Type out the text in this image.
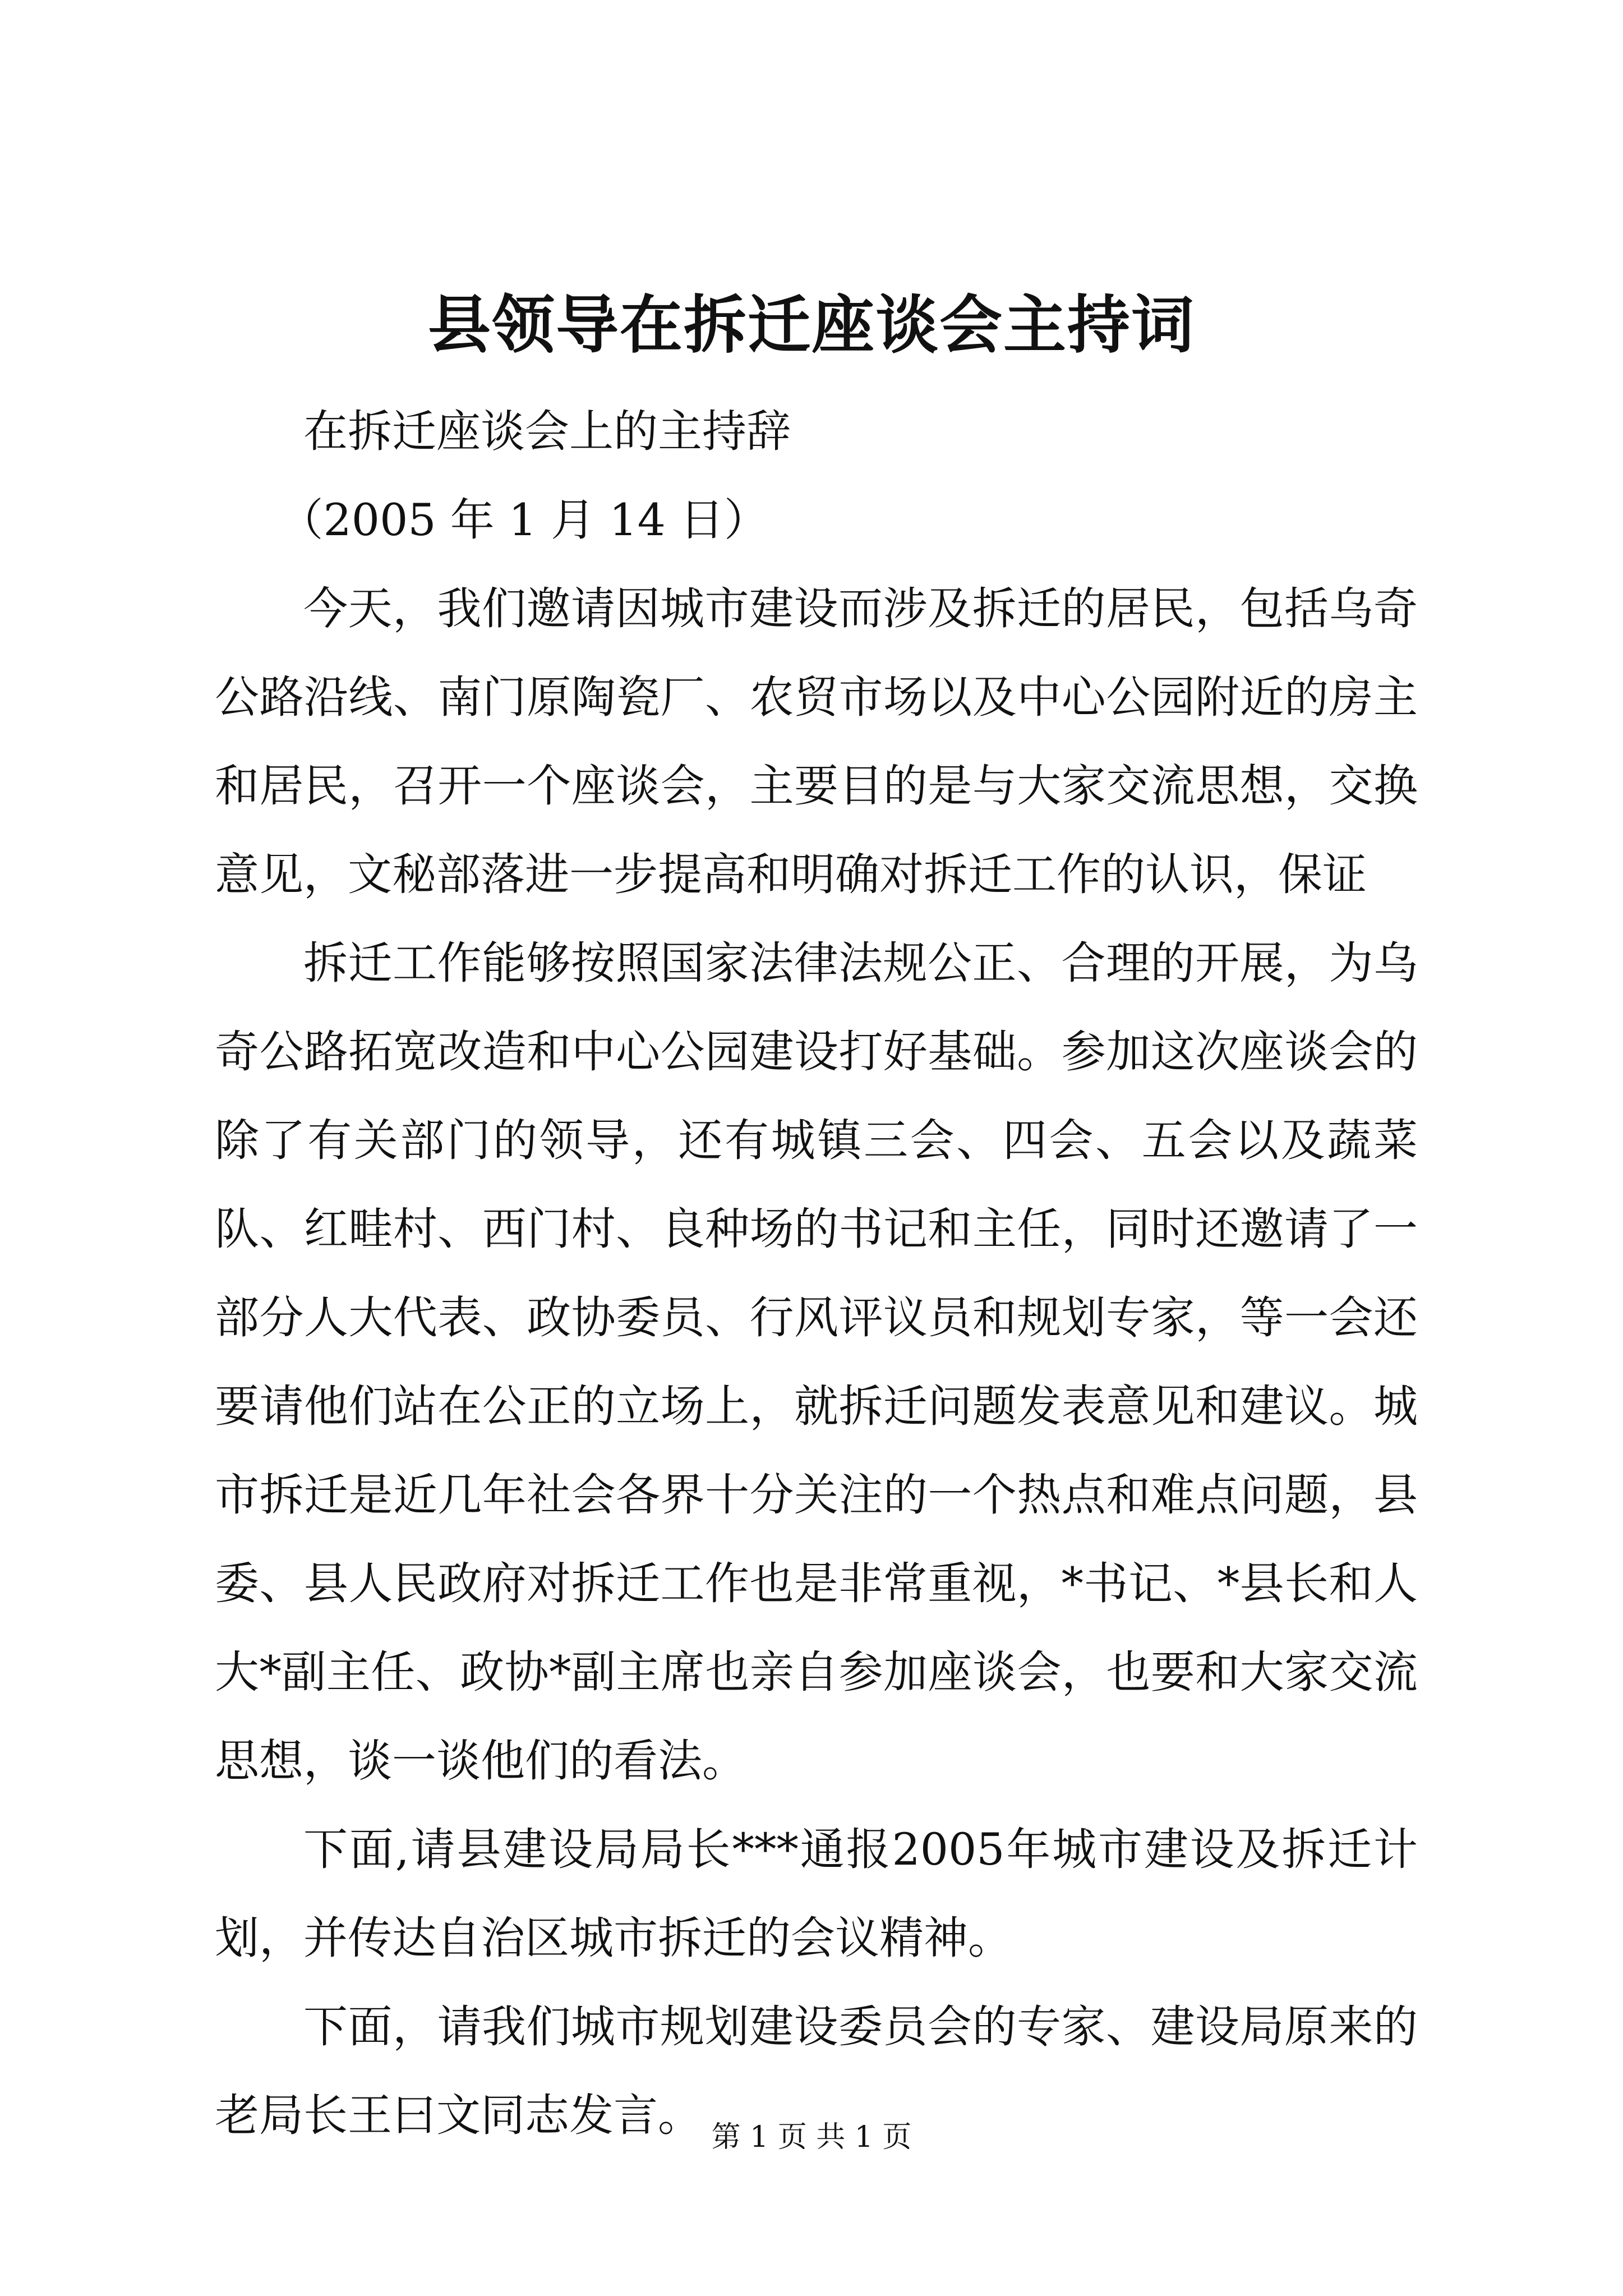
县领导在拆迁座谈会主持词

在拆迁座谈会上的主持辞

（2005 年 1 月 14 日）

今天，我们邀请因城市建设而涉及拆迁的居民，包括乌奇公路沿线、南门原陶瓷厂、农贸市场以及中心公园附近的房主和居民，召开一个座谈会，主要目的是与大家交流思想，交换意见，文秘部落进一步提高和明确对拆迁工作的认识，保证

拆迁工作能够按照国家法律法规公正、合理的开展，为乌奇公路拓宽改造和中心公园建设打好基础。参加这次座谈会的除了有关部门的领导，还有城镇三会、四会、五会以及蔬菜队、红畦村、西门村、良种场的书记和主任，同时还邀请了一部分人大代表、政协委员、行风评议员和规划专家，等一会还要请他们站在公正的立场上，就拆迁问题发表意见和建议。城市拆迁是近几年社会各界十分关注的一个热点和难点问题，县委、县人民政府对拆迁工作也是非常重视，*书记、*县长和人大*副主任、政协*副主席也亲自参加座谈会，也要和大家交流思想，谈一谈他们的看法。

下面,请县建设局局长***通报2005年城市建设及拆迁计划，并传达自治区城市拆迁的会议精神。

下面，请我们城市规划建设委员会的专家、建设局原来的老局长王曰文同志发言。 第 1 页 共 1 页
